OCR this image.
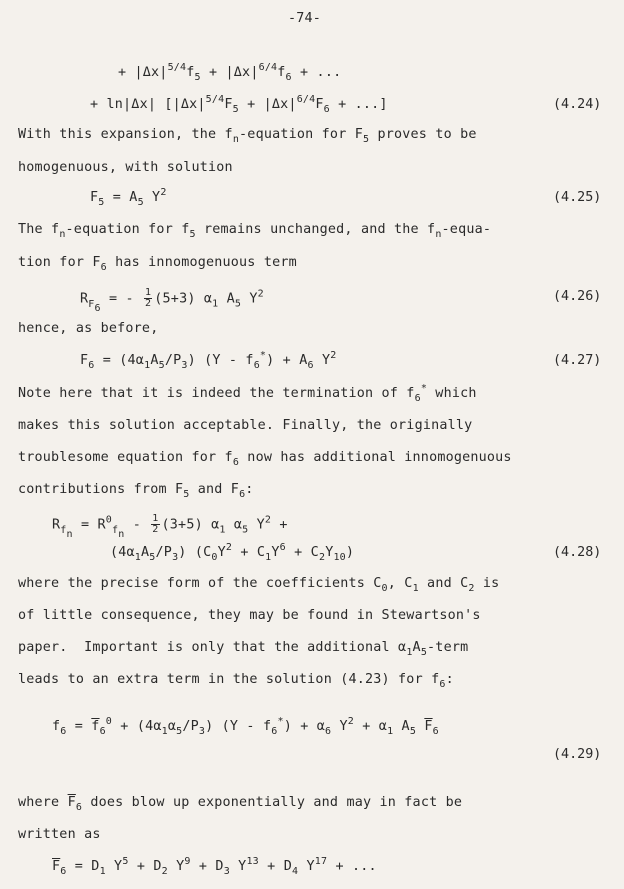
-74-
+ $|\Delta x|^{5/4}f_5 + |\Delta x|^{6/4}f_6$ + ...
+ ln|Δx| [$|\Delta x|^{5/4}F_5 + |\Delta x|^{6/4}F_6$ + ...]	(4.24)
With this expansion, the $f_n$-equation for $F_5$ proves to be
homogenuous, with solution
$F_5 = A_5$ $Y^2$	(4.25)
The $f_n$-equation for $f_5$ remains unchanged, and the $f_n-equa-$
tion for $F_6$ has innomogenuous term
$R_{F_6}$ = - $\frac{1}{2} (5+3)$ $\alpha_1$ $A_5$ $Y^2$	(4.26)
hence, as before,
$F_6 = (4\alpha_1A_5/P_3)$ $(Y - f_6^*) + A_6$ $Y^2$	(4.27)
Note here that it is indeed the termination of $f_6^*$ which
makes this solution acceptable. Finally, the originally
troublesome equation for $f_6$ now has additional innomogenuous
contributions from $F_5$ and $F_6$:
$R_{f_n} = R^0_{f_n} - \frac{1}{2} (3+5)$ $\alpha_1$ $\alpha_5$ $Y^2$ +
$(4\alpha_1A_5/P_3) (C_0Y^2 + C_1Y^6 + C_2Y_{10})$	(4.28)
where the precise form of the coefficients $C_0$, $C_1$ and $C_2$ is
of little consequence, they may be found in Stewartson's
paper.  Important is only that the additional $\alpha_1A_5$-term
leads to an extra term in the solution (4.23) for $f_6$:
$f_6 = \overline{f}_6^0 + (4\alpha_1\alpha_5/P_3)$ $(Y - f_6^*) + \alpha_6$ $Y^2 + \alpha_1$ $A_5$ $\overline{F}_6$
(4.29)
where $\overline{F}_6$ does blow up exponentially and may in fact be
written as
$\overline{F}_6 = D_1$ $Y^5 + D_2$ $Y^9 + D_3$ $Y^{13} + D_4$ $Y^{17}$ + ...
